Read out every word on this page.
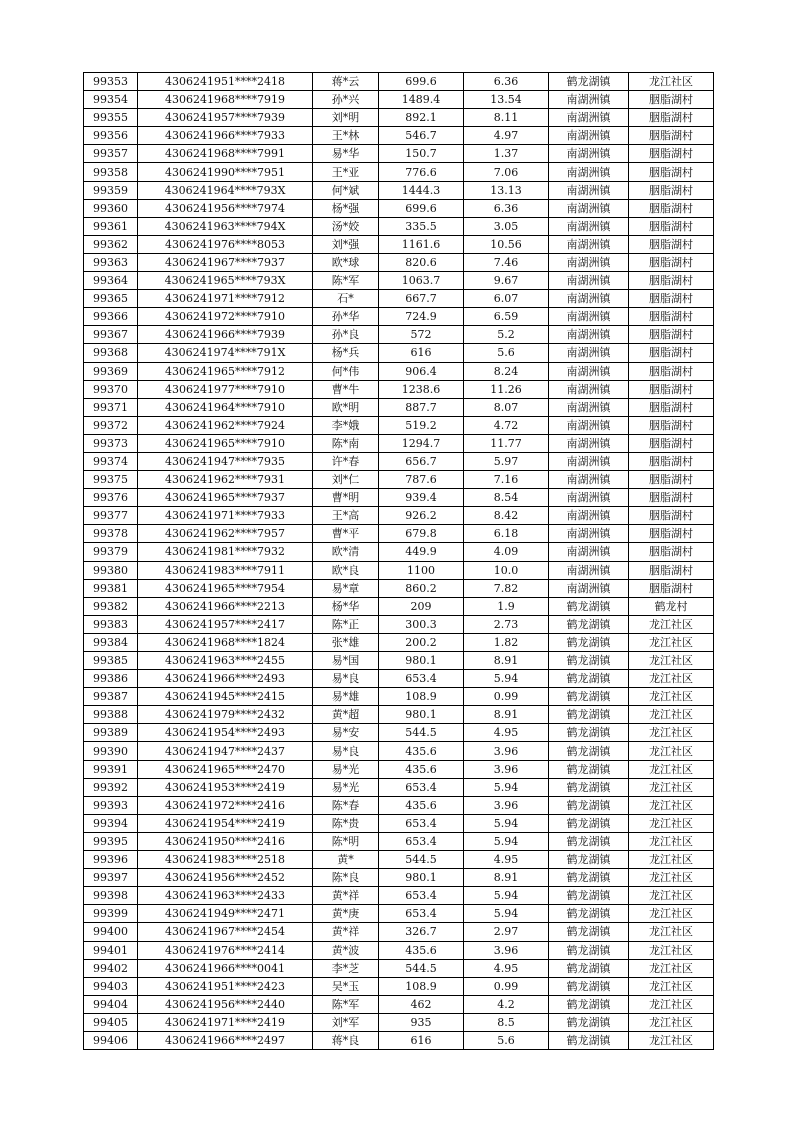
99353	4306241951****2418	蒋*云	699.6	6.36	鹤龙湖镇	龙江社区
99354	4306241968****7919	孙*兴	1489.4	13.54	南湖洲镇	胭脂湖村
99355	4306241957****7939	刘*明	892.1	8.11	南湖洲镇	胭脂湖村
99356	4306241966****7933	王*林	546.7	4.97	南湖洲镇	胭脂湖村
99357	4306241968****7991	易*华	150.7	1.37	南湖洲镇	胭脂湖村
99358	4306241990****7951	王*亚	776.6	7.06	南湖洲镇	胭脂湖村
99359	4306241964****793X	何*斌	1444.3	13.13	南湖洲镇	胭脂湖村
99360	4306241956****7974	杨*强	699.6	6.36	南湖洲镇	胭脂湖村
99361	4306241963****794X	汤*姣	335.5	3.05	南湖洲镇	胭脂湖村
99362	4306241976****8053	刘*强	1161.6	10.56	南湖洲镇	胭脂湖村
99363	4306241967****7937	欧*球	820.6	7.46	南湖洲镇	胭脂湖村
99364	4306241965****793X	陈*军	1063.7	9.67	南湖洲镇	胭脂湖村
99365	4306241971****7912	石*	667.7	6.07	南湖洲镇	胭脂湖村
99366	4306241972****7910	孙*华	724.9	6.59	南湖洲镇	胭脂湖村
99367	4306241966****7939	孙*良	572	5.2	南湖洲镇	胭脂湖村
99368	4306241974****791X	杨*兵	616	5.6	南湖洲镇	胭脂湖村
99369	4306241965****7912	何*伟	906.4	8.24	南湖洲镇	胭脂湖村
99370	4306241977****7910	曹*牛	1238.6	11.26	南湖洲镇	胭脂湖村
99371	4306241964****7910	欧*明	887.7	8.07	南湖洲镇	胭脂湖村
99372	4306241962****7924	李*娥	519.2	4.72	南湖洲镇	胭脂湖村
99373	4306241965****7910	陈*南	1294.7	11.77	南湖洲镇	胭脂湖村
99374	4306241947****7935	许*春	656.7	5.97	南湖洲镇	胭脂湖村
99375	4306241962****7931	刘*仁	787.6	7.16	南湖洲镇	胭脂湖村
99376	4306241965****7937	曹*明	939.4	8.54	南湖洲镇	胭脂湖村
99377	4306241971****7933	王*高	926.2	8.42	南湖洲镇	胭脂湖村
99378	4306241962****7957	曹*平	679.8	6.18	南湖洲镇	胭脂湖村
99379	4306241981****7932	欧*清	449.9	4.09	南湖洲镇	胭脂湖村
99380	4306241983****7911	欧*良	1100	10.0	南湖洲镇	胭脂湖村
99381	4306241965****7954	易*章	860.2	7.82	南湖洲镇	胭脂湖村
99382	4306241966****2213	杨*华	209	1.9	鹤龙湖镇	鹤龙村
99383	4306241957****2417	陈*正	300.3	2.73	鹤龙湖镇	龙江社区
99384	4306241968****1824	张*雄	200.2	1.82	鹤龙湖镇	龙江社区
99385	4306241963****2455	易*国	980.1	8.91	鹤龙湖镇	龙江社区
99386	4306241966****2493	易*良	653.4	5.94	鹤龙湖镇	龙江社区
99387	4306241945****2415	易*雄	108.9	0.99	鹤龙湖镇	龙江社区
99388	4306241979****2432	黄*超	980.1	8.91	鹤龙湖镇	龙江社区
99389	4306241954****2493	易*安	544.5	4.95	鹤龙湖镇	龙江社区
99390	4306241947****2437	易*良	435.6	3.96	鹤龙湖镇	龙江社区
99391	4306241965****2470	易*光	435.6	3.96	鹤龙湖镇	龙江社区
99392	4306241953****2419	易*光	653.4	5.94	鹤龙湖镇	龙江社区
99393	4306241972****2416	陈*春	435.6	3.96	鹤龙湖镇	龙江社区
99394	4306241954****2419	陈*贵	653.4	5.94	鹤龙湖镇	龙江社区
99395	4306241950****2416	陈*明	653.4	5.94	鹤龙湖镇	龙江社区
99396	4306241983****2518	黄*	544.5	4.95	鹤龙湖镇	龙江社区
99397	4306241956****2452	陈*良	980.1	8.91	鹤龙湖镇	龙江社区
99398	4306241963****2433	黄*祥	653.4	5.94	鹤龙湖镇	龙江社区
99399	4306241949****2471	黄*庚	653.4	5.94	鹤龙湖镇	龙江社区
99400	4306241967****2454	黄*祥	326.7	2.97	鹤龙湖镇	龙江社区
99401	4306241976****2414	黄*波	435.6	3.96	鹤龙湖镇	龙江社区
99402	4306241966****0041	李*芝	544.5	4.95	鹤龙湖镇	龙江社区
99403	4306241951****2423	吴*玉	108.9	0.99	鹤龙湖镇	龙江社区
99404	4306241956****2440	陈*军	462	4.2	鹤龙湖镇	龙江社区
99405	4306241971****2419	刘*军	935	8.5	鹤龙湖镇	龙江社区
99406	4306241966****2497	蒋*良	616	5.6	鹤龙湖镇	龙江社区
